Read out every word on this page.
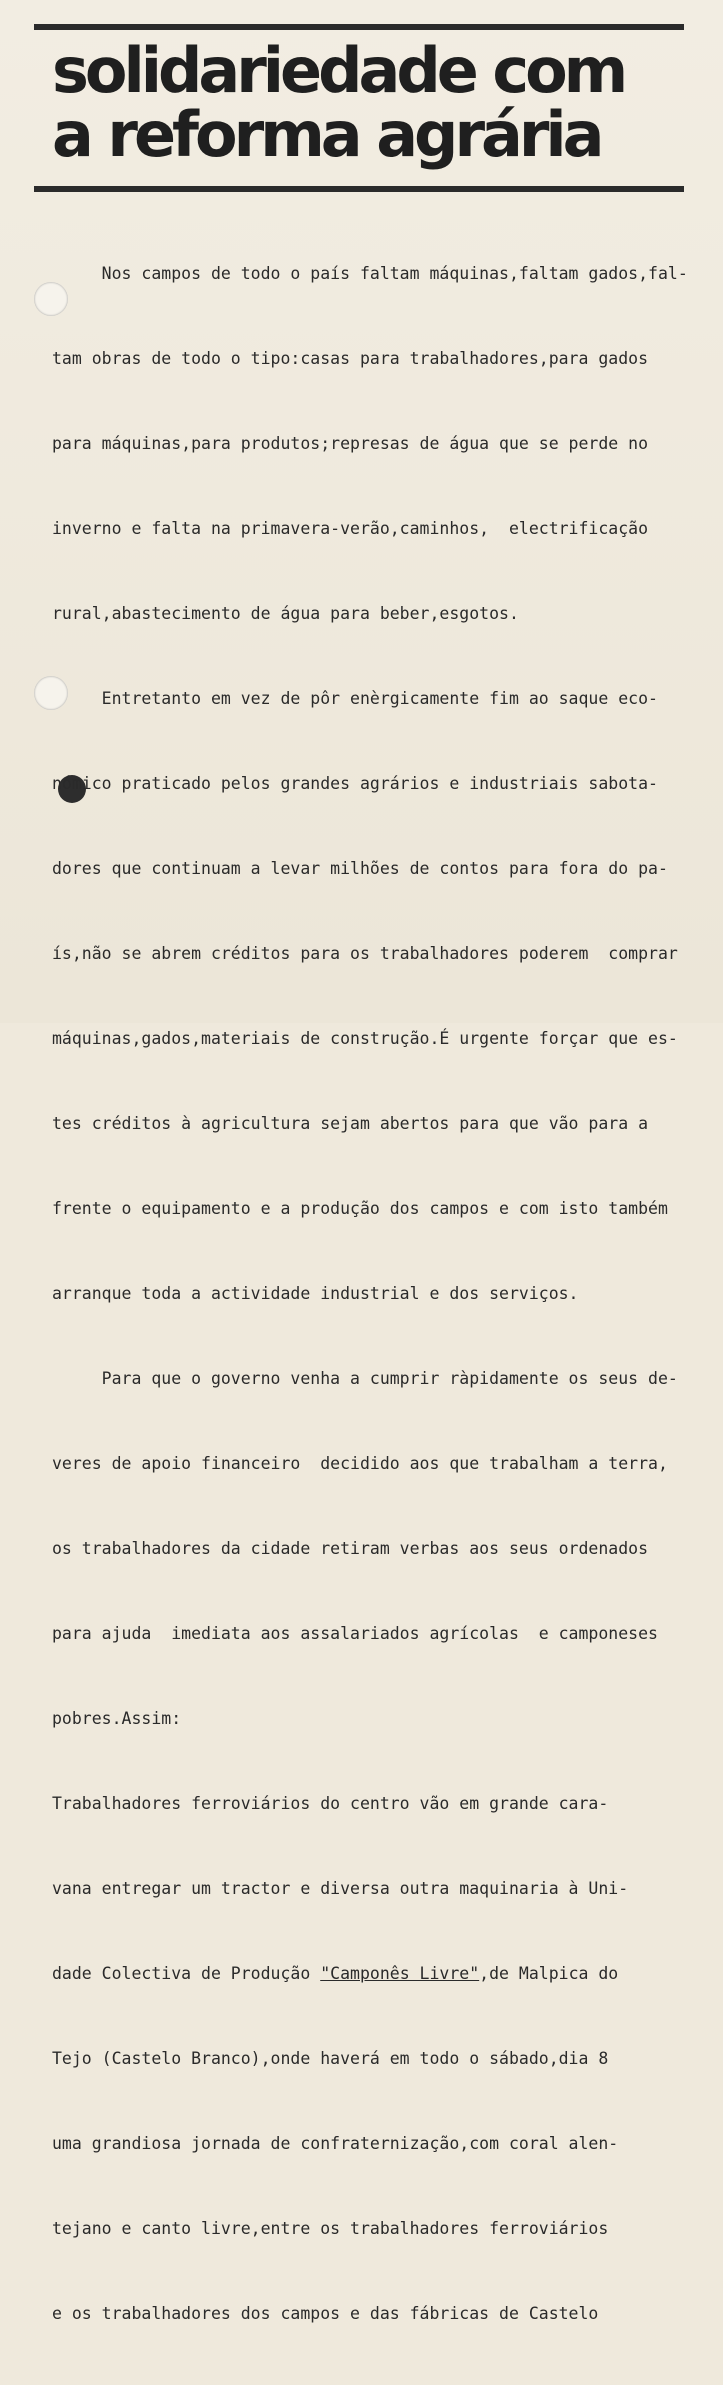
solidariedade com
a reforma agrária

Nos campos de todo o país faltam máquinas,faltam gados,fal-

tam obras de todo o tipo:casas para trabalhadores,para gados

para máquinas,para produtos;represas de água que se perde no

inverno e falta na primavera-verão,caminhos,  electrificação

rural,abastecimento de água para beber,esgotos.

Entretanto em vez de pôr enèrgicamente fim ao saque eco-

nómico praticado pelos grandes agrários e industriais sabota-

dores que continuam a levar milhões de contos para fora do pa-

ís,não se abrem créditos para os trabalhadores poderem  comprar

máquinas,gados,materiais de construção.É urgente forçar que es-

tes créditos à agricultura sejam abertos para que vão para a

frente o equipamento e a produção dos campos e com isto também

arranque toda a actividade industrial e dos serviços.

Para que o governo venha a cumprir ràpidamente os seus de-

veres de apoio financeiro  decidido aos que trabalham a terra,

os trabalhadores da cidade retiram verbas aos seus ordenados

para ajuda  imediata aos assalariados agrícolas  e camponeses

pobres.Assim:

Trabalhadores ferroviários do centro vão em grande cara-

vana entregar um tractor e diversa outra maquinaria à Uni-

dade Colectiva de Produção "Camponês Livre",de Malpica do

Tejo (Castelo Branco),onde haverá em todo o sábado,dia 8

uma grandiosa jornada de confraternização,com coral alen-

tejano e canto livre,entre os trabalhadores ferroviários

e os trabalhadores dos campos e das fábricas de Castelo
